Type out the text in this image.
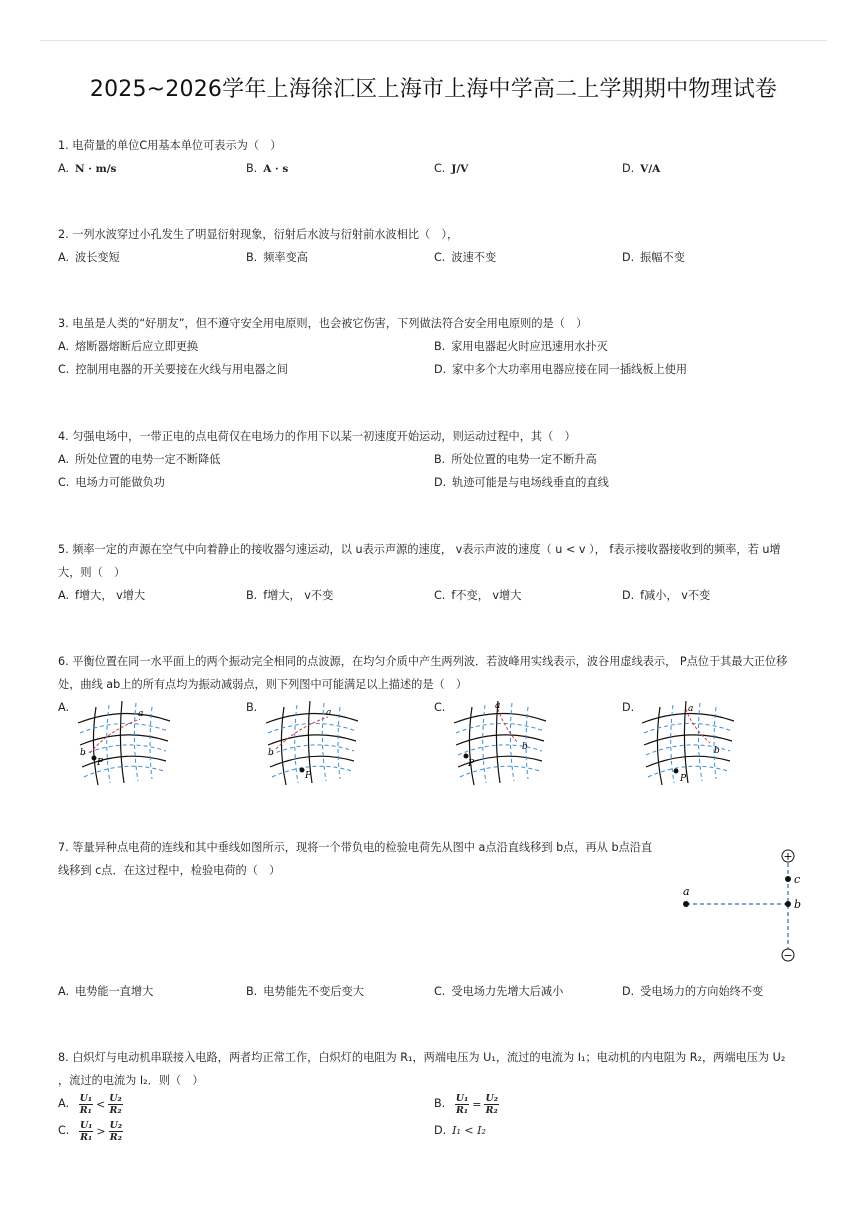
2025~2026学年上海徐汇区上海市上海中学高二上学期期中物理试卷
1. 电荷量的单位C用基本单位可表示为（　）
A. N · m/s	B. A · s	C. J/V	D. V/A
2. 一列水波穿过小孔发生了明显衍射现象，衍射后水波与衍射前水波相比（　），
A. 波长变短	B. 频率变高	C. 波速不变	D. 振幅不变
3. 电虽是人类的“好朋友”，但不遵守安全用电原则，也会被它伤害，下列做法符合安全用电原则的是（　）
A. 熔断器熔断后应立即更换	B. 家用电器起火时应迅速用水扑灭
C. 控制用电器的开关要接在火线与用电器之间	D. 家中多个大功率用电器应接在同一插线板上使用
4. 匀强电场中，一带正电的点电荷仅在电场力的作用下以某一初速度开始运动，则运动过程中，其（　）
A. 所处位置的电势一定不断降低	B. 所处位置的电势一定不断升高
C. 电场力可能做负功	D. 轨迹可能是与电场线垂直的直线
5. 频率一定的声源在空气中向着静止的接收器匀速运动，以 u表示声源的速度， v表示声波的速度（ u < v ）， f表示接收器接收到的频率，若 u增
大，则（　）
A. f增大， v增大	B. f增大， v不变	C. f不变， v增大	D. f减小， v不变
6. 平衡位置在同一水平面上的两个振动完全相同的点波源，在均匀介质中产生两列波．若波峰用实线表示，波谷用虚线表示， P点位于其最大正位移
处，曲线 ab上的所有点均为振动减弱点，则下列图中可能满足以上描述的是（　）
A.	B.	C.	D.
a
b
P
a
b
P
a
b
P
a
b
P
7. 等量异种点电荷的连线和其中垂线如图所示，现将一个带负电的检验电荷先从图中 a点沿直线移到 b点，再从 b点沿直
线移到 c点．在这过程中，检验电荷的（　）
+
−
a
b
c
A. 电势能一直增大	B. 电势能先不变后变大	C. 受电场力先增大后减小	D. 受电场力的方向始终不变
8. 白炽灯与电动机串联接入电路，两者均正常工作，白炽灯的电阻为 R₁，两端电压为 U₁，流过的电流为 I₁；电动机的内电阻为 R₂，两端电压为 U₂
，流过的电流为 I₂．则（　）
A. $\frac{\text{U₁}}{\text{R₁}} < \frac{\text{U₂}}{\text{R₂}}$	B. $\frac{\text{U₁}}{\text{R₁}} = \frac{\text{U₂}}{\text{R₂}}$
C. $\frac{\text{U₁}}{\text{R₁}} > \frac{\text{U₂}}{\text{R₂}}$	D. I₁ < I₂
